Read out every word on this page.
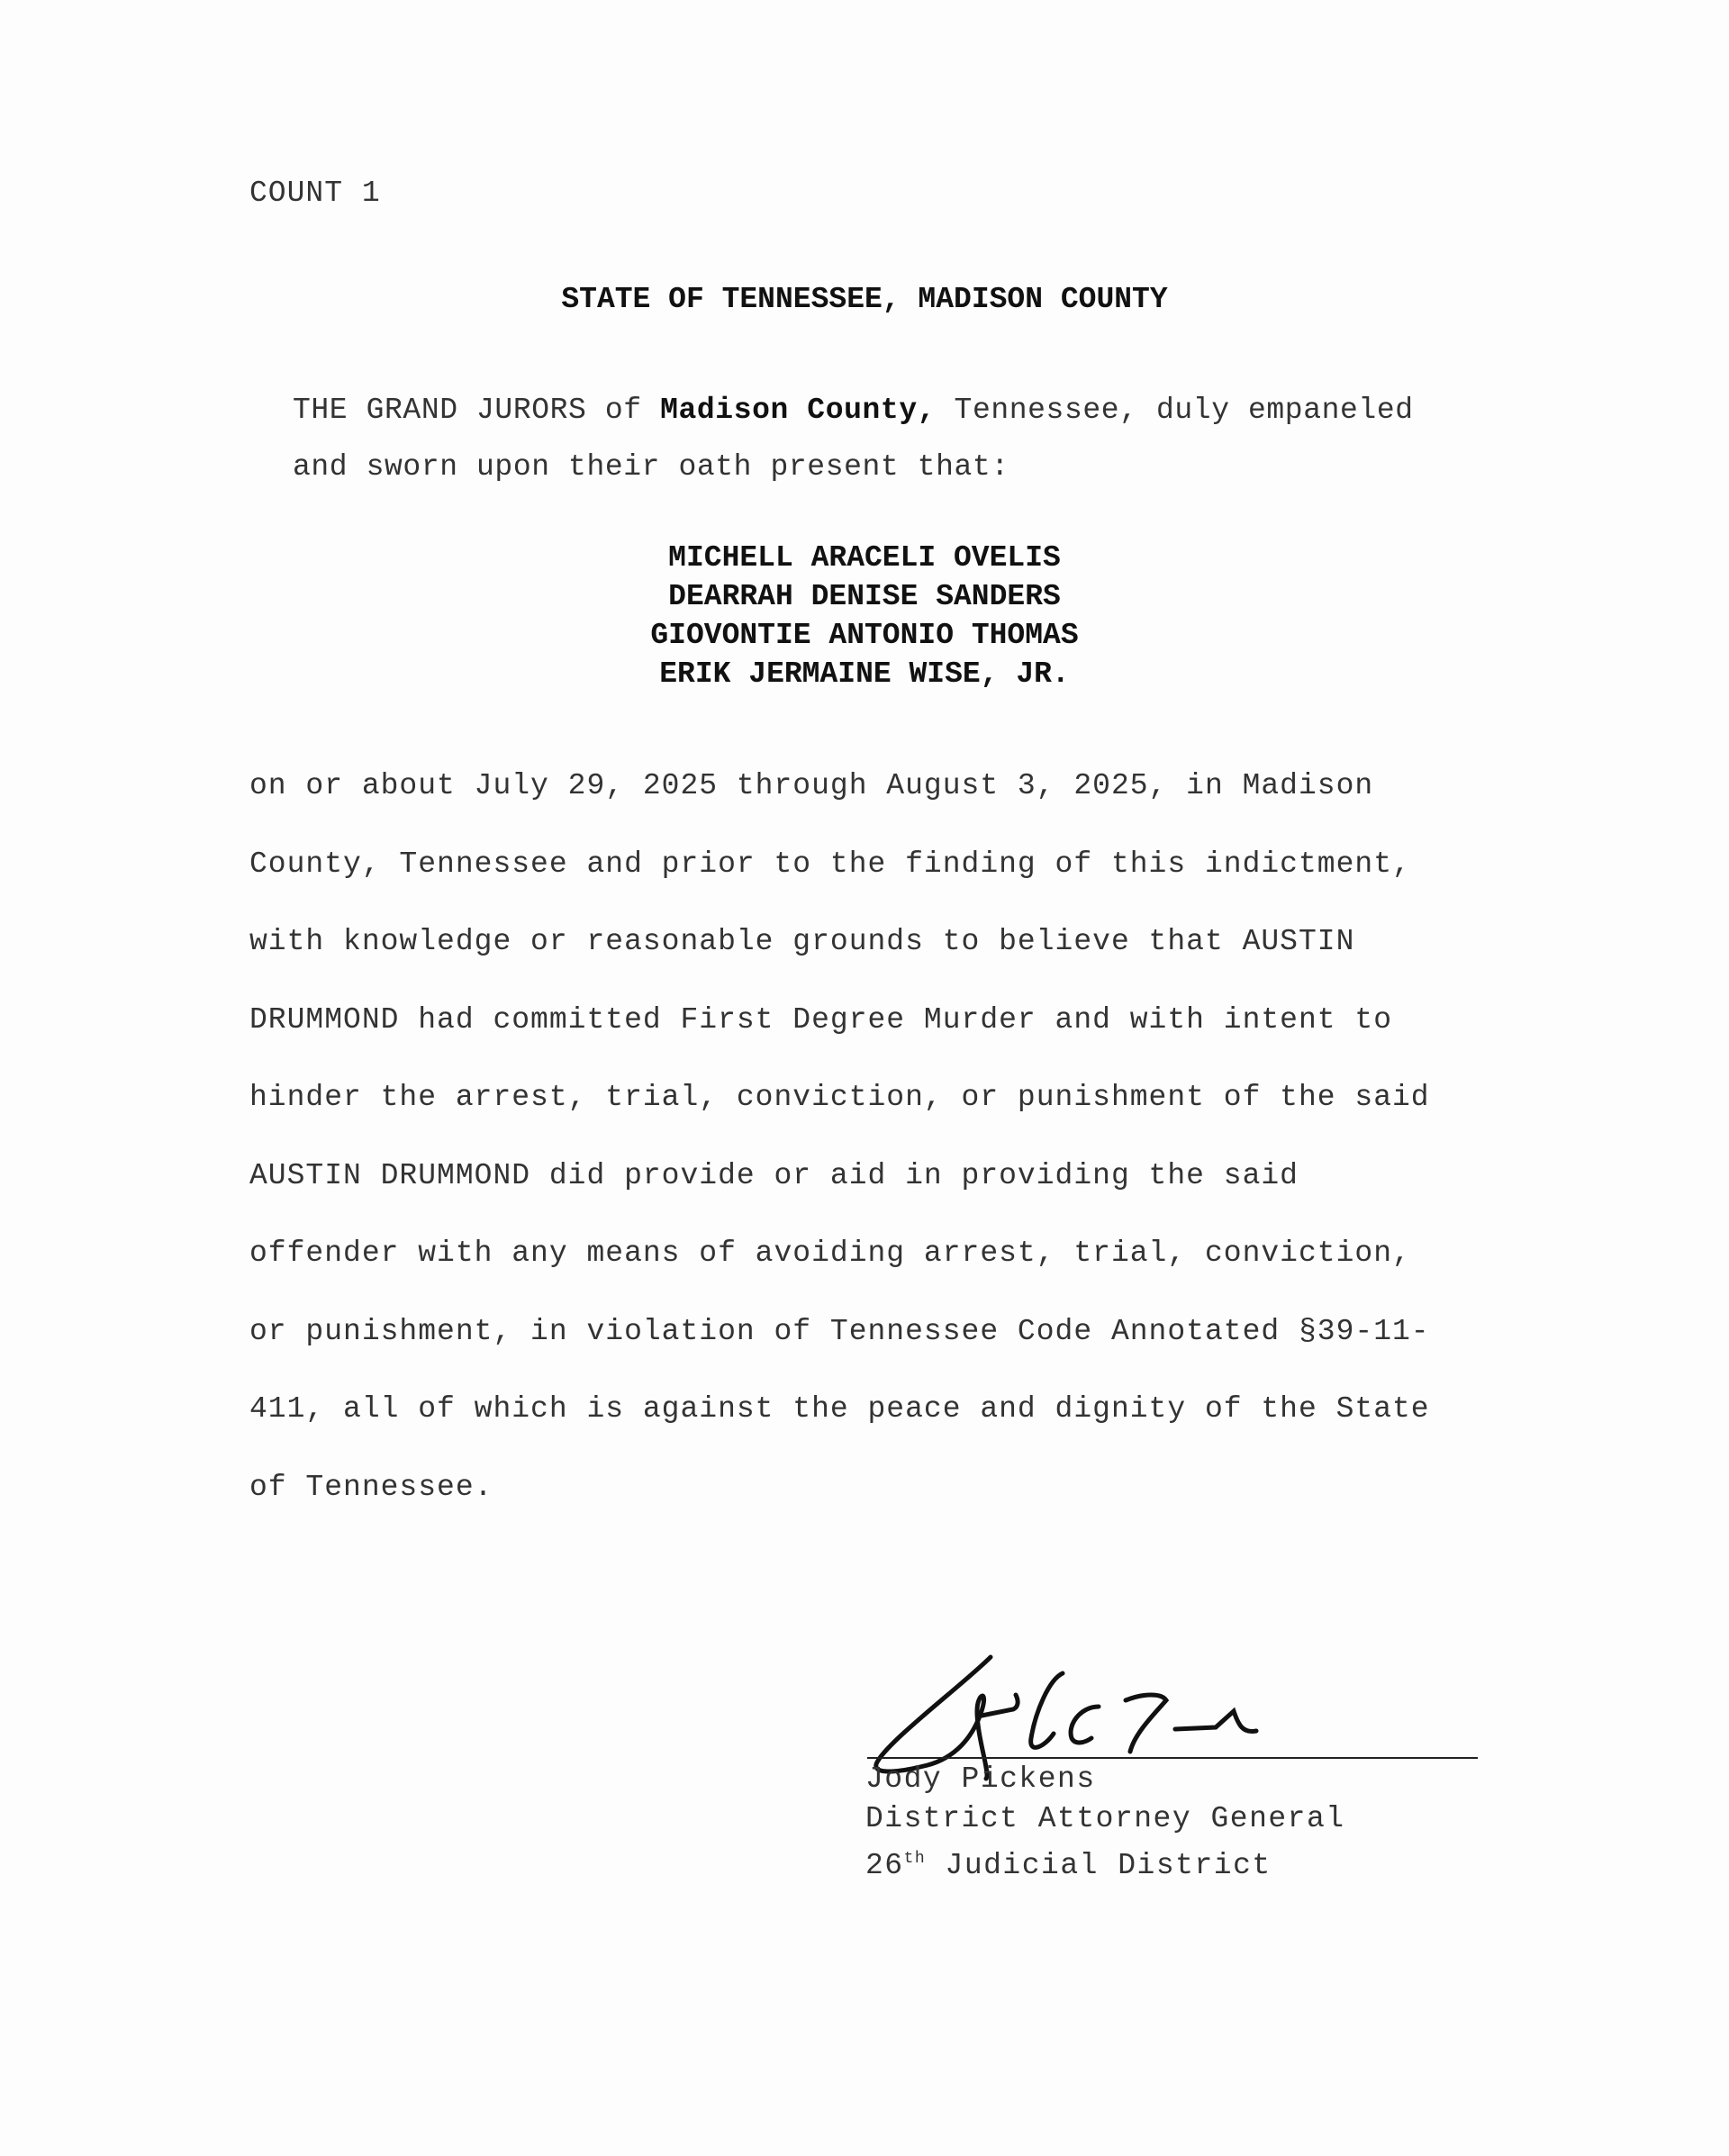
COUNT 1
STATE OF TENNESSEE, MADISON COUNTY
THE GRAND JURORS of Madison County, Tennessee, duly empaneled
and sworn upon their oath present that:
MICHELL ARACELI OVELIS
DEARRAH DENISE SANDERS
GIOVONTIE ANTONIO THOMAS
ERIK JERMAINE WISE, JR.
on or about July 29, 2025 through August 3, 2025, in Madison
County, Tennessee and prior to the finding of this indictment,
with knowledge or reasonable grounds to believe that AUSTIN
DRUMMOND had committed First Degree Murder and with intent to
hinder the arrest, trial, conviction, or punishment of the said
AUSTIN DRUMMOND did provide or aid in providing the said
offender with any means of avoiding arrest, trial, conviction,
or punishment, in violation of Tennessee Code Annotated §39-11-
411, all of which is against the peace and dignity of the State
of Tennessee.
Jody Pickens
District Attorney General
26th Judicial District
